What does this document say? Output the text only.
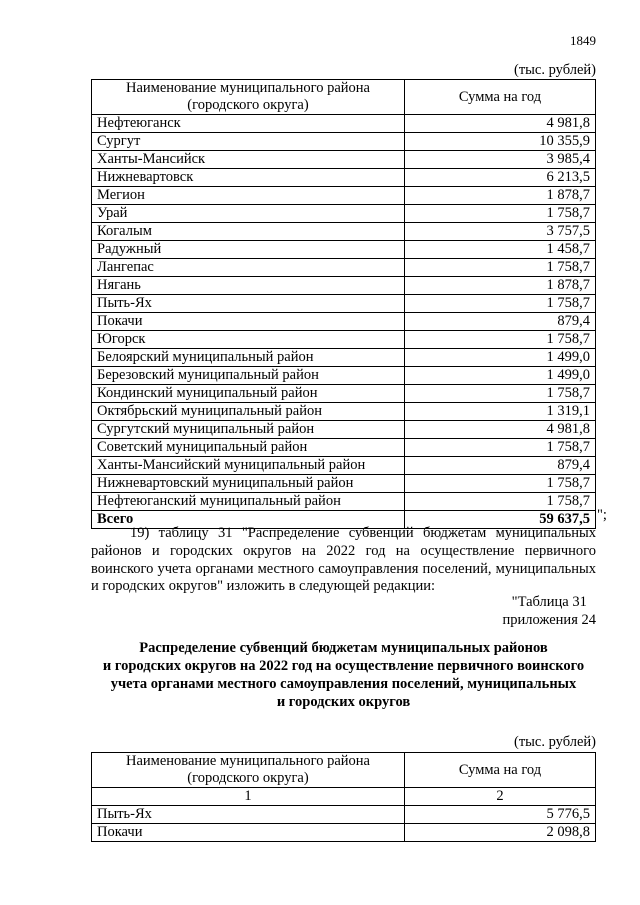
1849
(тыс. рублей)
Наименование муниципального района (городского округа)	Сумма на год
Нефтеюганск	4 981,8
Сургут	10 355,9
Ханты-Мансийск	3 985,4
Нижневартовск	6 213,5
Мегион	1 878,7
Урай	1 758,7
Когалым	3 757,5
Радужный	1 458,7
Лангепас	1 758,7
Нягань	1 878,7
Пыть-Ях	1 758,7
Покачи	879,4
Югорск	1 758,7
Белоярский муниципальный район	1 499,0
Березовский муниципальный район	1 499,0
Кондинский муниципальный район	1 758,7
Октябрьский муниципальный район	1 319,1
Сургутский муниципальный район	4 981,8
Советский муниципальный район	1 758,7
Ханты-Мансийский муниципальный район	879,4
Нижневартовский муниципальный район	1 758,7
Нефтеюганский муниципальный район	1 758,7
Всего	59 637,5 ";
19) таблицу 31 "Распределение субвенций бюджетам муниципальных районов и городских округов на 2022 год на осуществление первичного воинского учета органами местного самоуправления поселений, муниципальных и городских округов" изложить в следующей редакции:
"Таблица 31
приложения 24
Распределение субвенций бюджетам муниципальных районов
и городских округов на 2022 год на осуществление первичного воинского
учета органами местного самоуправления поселений, муниципальных
и городских округов
(тыс. рублей)
Наименование муниципального района (городского округа)	Сумма на год
1	2
Пыть-Ях	5 776,5
Покачи	2 098,8
